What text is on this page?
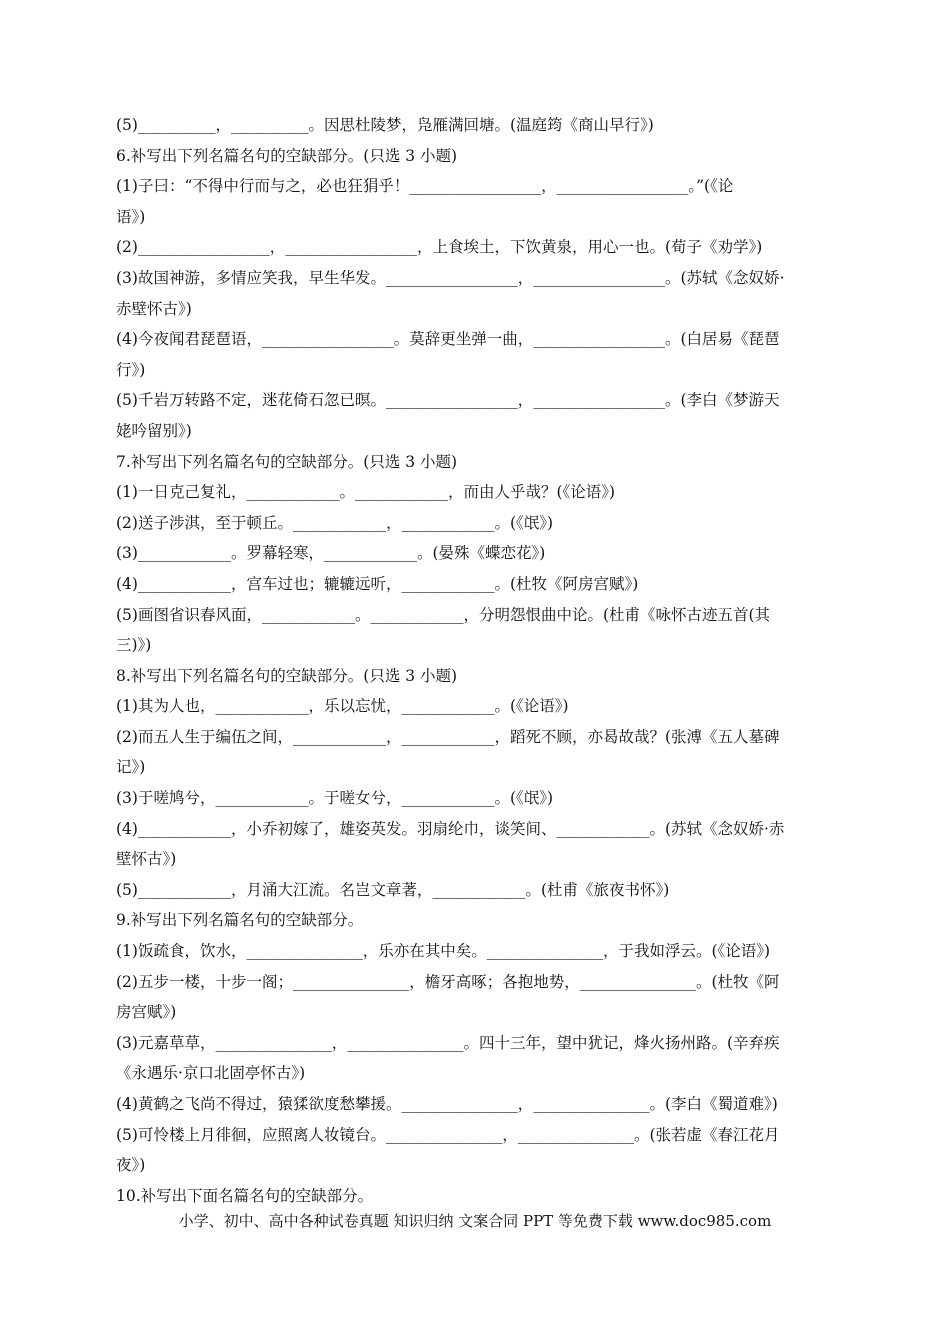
(5)__________，__________。因思杜陵梦，凫雁满回塘。(温庭筠《商山早行》)
6.补写出下列名篇名句的空缺部分。(只选 3 小题)
(1)子曰：“不得中行而与之，必也狂狷乎！_________________，_________________。”(《论
语》)
(2)_________________，_________________，上食埃土，下饮黄泉，用心一也。(荀子《劝学》)
(3)故国神游，多情应笑我，早生华发。_________________，_________________。(苏轼《念奴娇·
赤壁怀古》)
(4)今夜闻君琵琶语，_________________。莫辞更坐弹一曲，_________________。(白居易《琵琶
行》)
(5)千岩万转路不定，迷花倚石忽已暝。_________________，_________________。(李白《梦游天
姥吟留别》)
7.补写出下列名篇名句的空缺部分。(只选 3 小题)
(1)一日克己复礼，____________。____________，而由人乎哉？(《论语》)
(2)送子涉淇，至于顿丘。____________，____________。(《氓》)
(3)____________。罗幕轻寒，____________。(晏殊《蝶恋花》)
(4)____________，宫车过也；辘辘远听，____________。(杜牧《阿房宫赋》)
(5)画图省识春风面，____________。____________，分明怨恨曲中论。(杜甫《咏怀古迹五首(其
三)》)
8.补写出下列名篇名句的空缺部分。(只选 3 小题)
(1)其为人也，____________，乐以忘忧，____________。(《论语》)
(2)而五人生于编伍之间，____________，____________，蹈死不顾，亦曷故哉？(张溥《五人墓碑
记》)
(3)于嗟鸠兮，____________。于嗟女兮，____________。(《氓》)
(4)____________，小乔初嫁了，雄姿英发。羽扇纶巾，谈笑间、____________。(苏轼《念奴娇·赤
壁怀古》)
(5)____________，月涌大江流。名岂文章著，____________。(杜甫《旅夜书怀》)
9.补写出下列名篇名句的空缺部分。
(1)饭疏食，饮水，_______________，乐亦在其中矣。_______________，于我如浮云。(《论语》)
(2)五步一楼，十步一阁；_______________，檐牙高啄；各抱地势，_______________。(杜牧《阿
房宫赋》)
(3)元嘉草草，_______________，_______________。四十三年，望中犹记，烽火扬州路。(辛弃疾
《永遇乐·京口北固亭怀古》)
(4)黄鹤之飞尚不得过，猿猱欲度愁攀援。_______________，_______________。(李白《蜀道难》)
(5)可怜楼上月徘徊，应照离人妆镜台。_______________，_______________。(张若虚《春江花月
夜》)
10.补写出下面名篇名句的空缺部分。
小学、初中、高中各种试卷真题 知识归纳 文案合同 PPT 等免费下载 www.doc985.com
